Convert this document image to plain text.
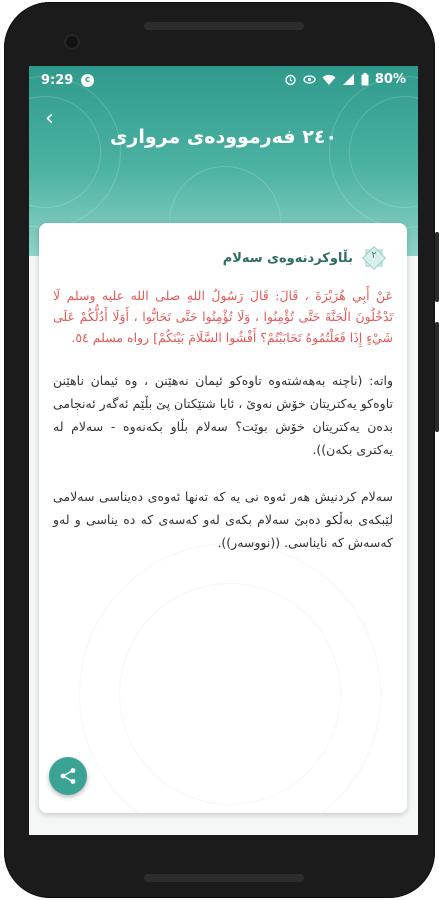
9:29	c	80%
‹
٢٤٠ فەرموودەی مرواری
٢
بڵاوکردنەوەی سەلام
عَنْ أَبِي هُرَيْرَةَ ، قَالَ: قَالَ رَسُولُ اللهِ صلى الله عليه وسلم لَا تَدْخُلُونَ الْجَنَّةَ حَتَّى تُؤْمِنُوا ، وَلَا تُؤْمِنُوا حَتَّى تَحَابُّوا ، أَوَلَا أَدُلُّكُمْ عَلَى شَيْءٍ إِذَا فَعَلْتُمُوهُ تَحَابَبْتُمْ؟ أَفْشُوا السَّلَامَ بَيْنَكُمْ] رواه مسلم ٥٤.
واتە: (ناچنە بەهەشتەوە تاوەکو ئیمان نەهێنن ، وە ئیمان ناهێنن تاوەکو یەکتریتان خۆش نەوێ ، ئایا شتێکتان پێ بڵێم ئەگەر ئەنجامی بدەن یەکتریتان خۆش بوێت؟ سەلام بڵاو بکەنەوە - سەلام لە یەکتری بکەن)).
سەلام کردنیش هەر ئەوە نی یە کە تەنها ئەوەی دەیناسی سەلامی لێبکەی بەڵکو دەبێ سەلام بکەی لەو کەسەی کە دە یناسی و لەو کەسەش کە نایناسی. ((نووسەر)).
